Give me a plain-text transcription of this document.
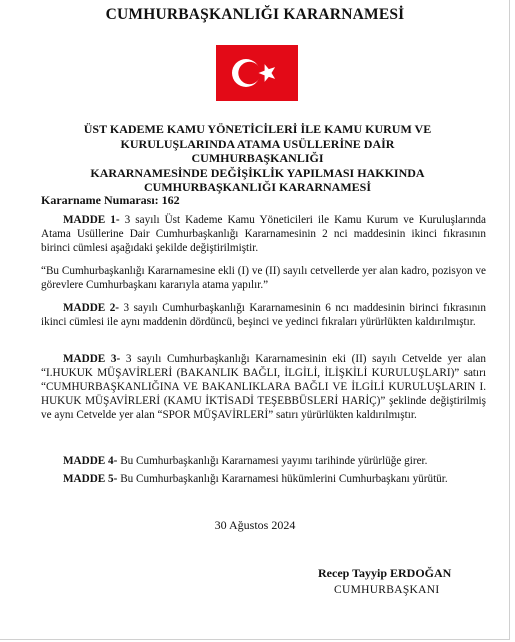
CUMHURBAŞKANLIĞI KARARNAMESİ
ÜST KADEME KAMU YÖNETİCİLERİ İLE KAMU KURUM VE
KURULUŞLARINDA ATAMA USÜLLERİNE DAİR CUMHURBAŞKANLIĞI
KARARNAMESİNDE DEĞİŞİKLİK YAPILMASI HAKKINDA
CUMHURBAŞKANLIĞI KARARNAMESİ
Kararname Numarası: 162
MADDE 1- 3 sayılı Üst Kademe Kamu Yöneticileri ile Kamu Kurum ve Kuruluşlarında Atama Usüllerine Dair Cumhurbaşkanlığı Kararnamesinin 2 nci maddesinin ikinci fıkrasının birinci cümlesi aşağıdaki şekilde değiştirilmiştir.
“Bu Cumhurbaşkanlığı Kararnamesine ekli (I) ve (II) sayılı cetvellerde yer alan kadro, pozisyon ve görevlere Cumhurbaşkanı kararıyla atama yapılır.”
MADDE 2- 3 sayılı Cumhurbaşkanlığı Kararnamesinin 6 ncı maddesinin birinci fıkrasının ikinci cümlesi ile aynı maddenin dördüncü, beşinci ve yedinci fıkraları yürürlükten kaldırılmıştır.
MADDE 3- 3 sayılı Cumhurbaşkanlığı Kararnamesinin eki (II) sayılı Cetvelde yer alan “I.HUKUK MÜŞAVİRLERİ (BAKANLIK BAĞLI, İLGİLİ, İLİŞKİLİ KURULUŞLARI)” satırı “CUMHURBAŞKANLIĞINA VE BAKANLIKLARA BAĞLI VE İLGİLİ KURULUŞLARIN I. HUKUK MÜŞAVİRLERİ (KAMU İKTİSADİ TEŞEBBÜSLERİ HARİÇ)” şeklinde değiştirilmiş ve aynı Cetvelde yer alan “SPOR MÜŞAVİRLERİ” satırı yürürlükten kaldırılmıştır.
MADDE 4- Bu Cumhurbaşkanlığı Kararnamesi yayımı tarihinde yürürlüğe girer.
MADDE 5- Bu Cumhurbaşkanlığı Kararnamesi hükümlerini Cumhurbaşkanı yürütür.
30 Ağustos 2024
Recep Tayyip ERDOĞAN
CUMHURBAŞKANI
